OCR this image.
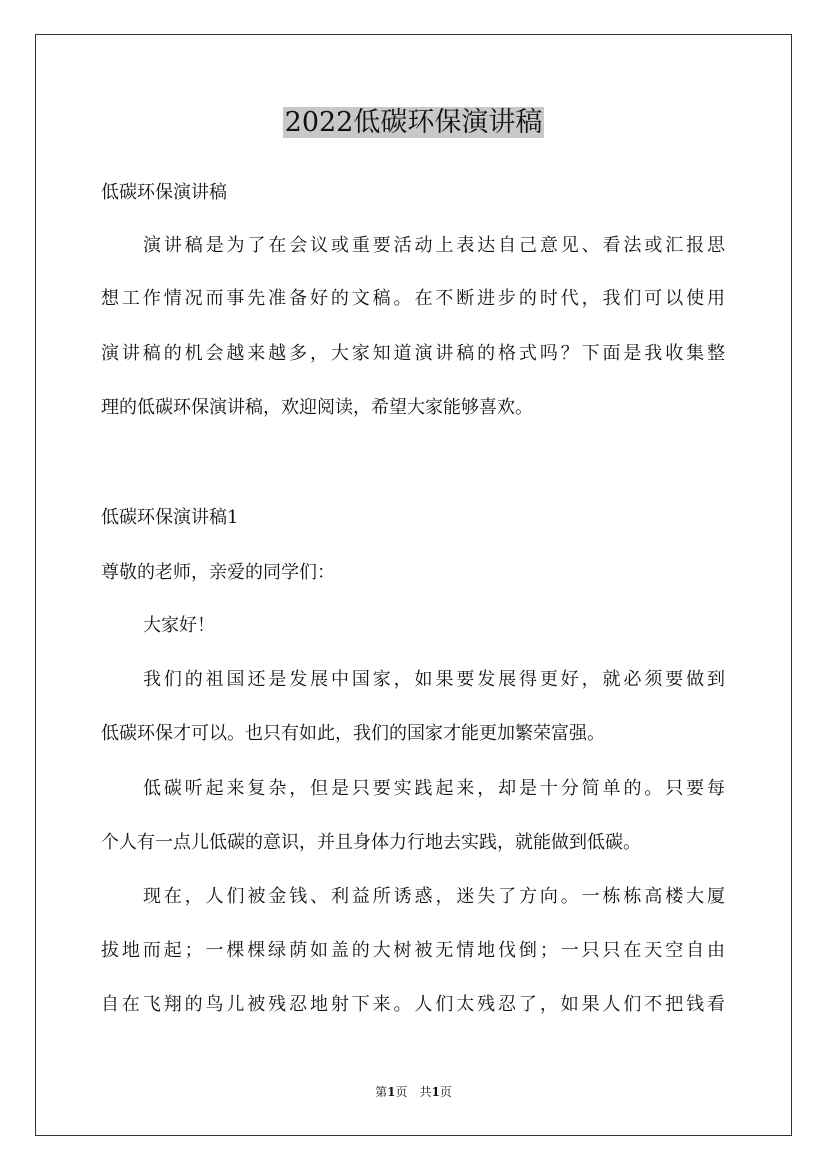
2022低碳环保演讲稿
低碳环保演讲稿
演讲稿是为了在会议或重要活动上表达自己意见、看法或汇报思
想工作情况而事先准备好的文稿。在不断进步的时代，我们可以使用
演讲稿的机会越来越多，大家知道演讲稿的格式吗？下面是我收集整
理的低碳环保演讲稿，欢迎阅读，希望大家能够喜欢。
低碳环保演讲稿1
尊敬的老师，亲爱的同学们：
大家好！
我们的祖国还是发展中国家，如果要发展得更好，就必须要做到
低碳环保才可以。也只有如此，我们的国家才能更加繁荣富强。
低碳听起来复杂，但是只要实践起来，却是十分简单的。只要每
个人有一点儿低碳的意识，并且身体力行地去实践，就能做到低碳。
现在，人们被金钱、利益所诱惑，迷失了方向。一栋栋高楼大厦
拔地而起；一棵棵绿荫如盖的大树被无情地伐倒；一只只在天空自由
自在飞翔的鸟儿被残忍地射下来。人们太残忍了，如果人们不把钱看
第1页　共1页
